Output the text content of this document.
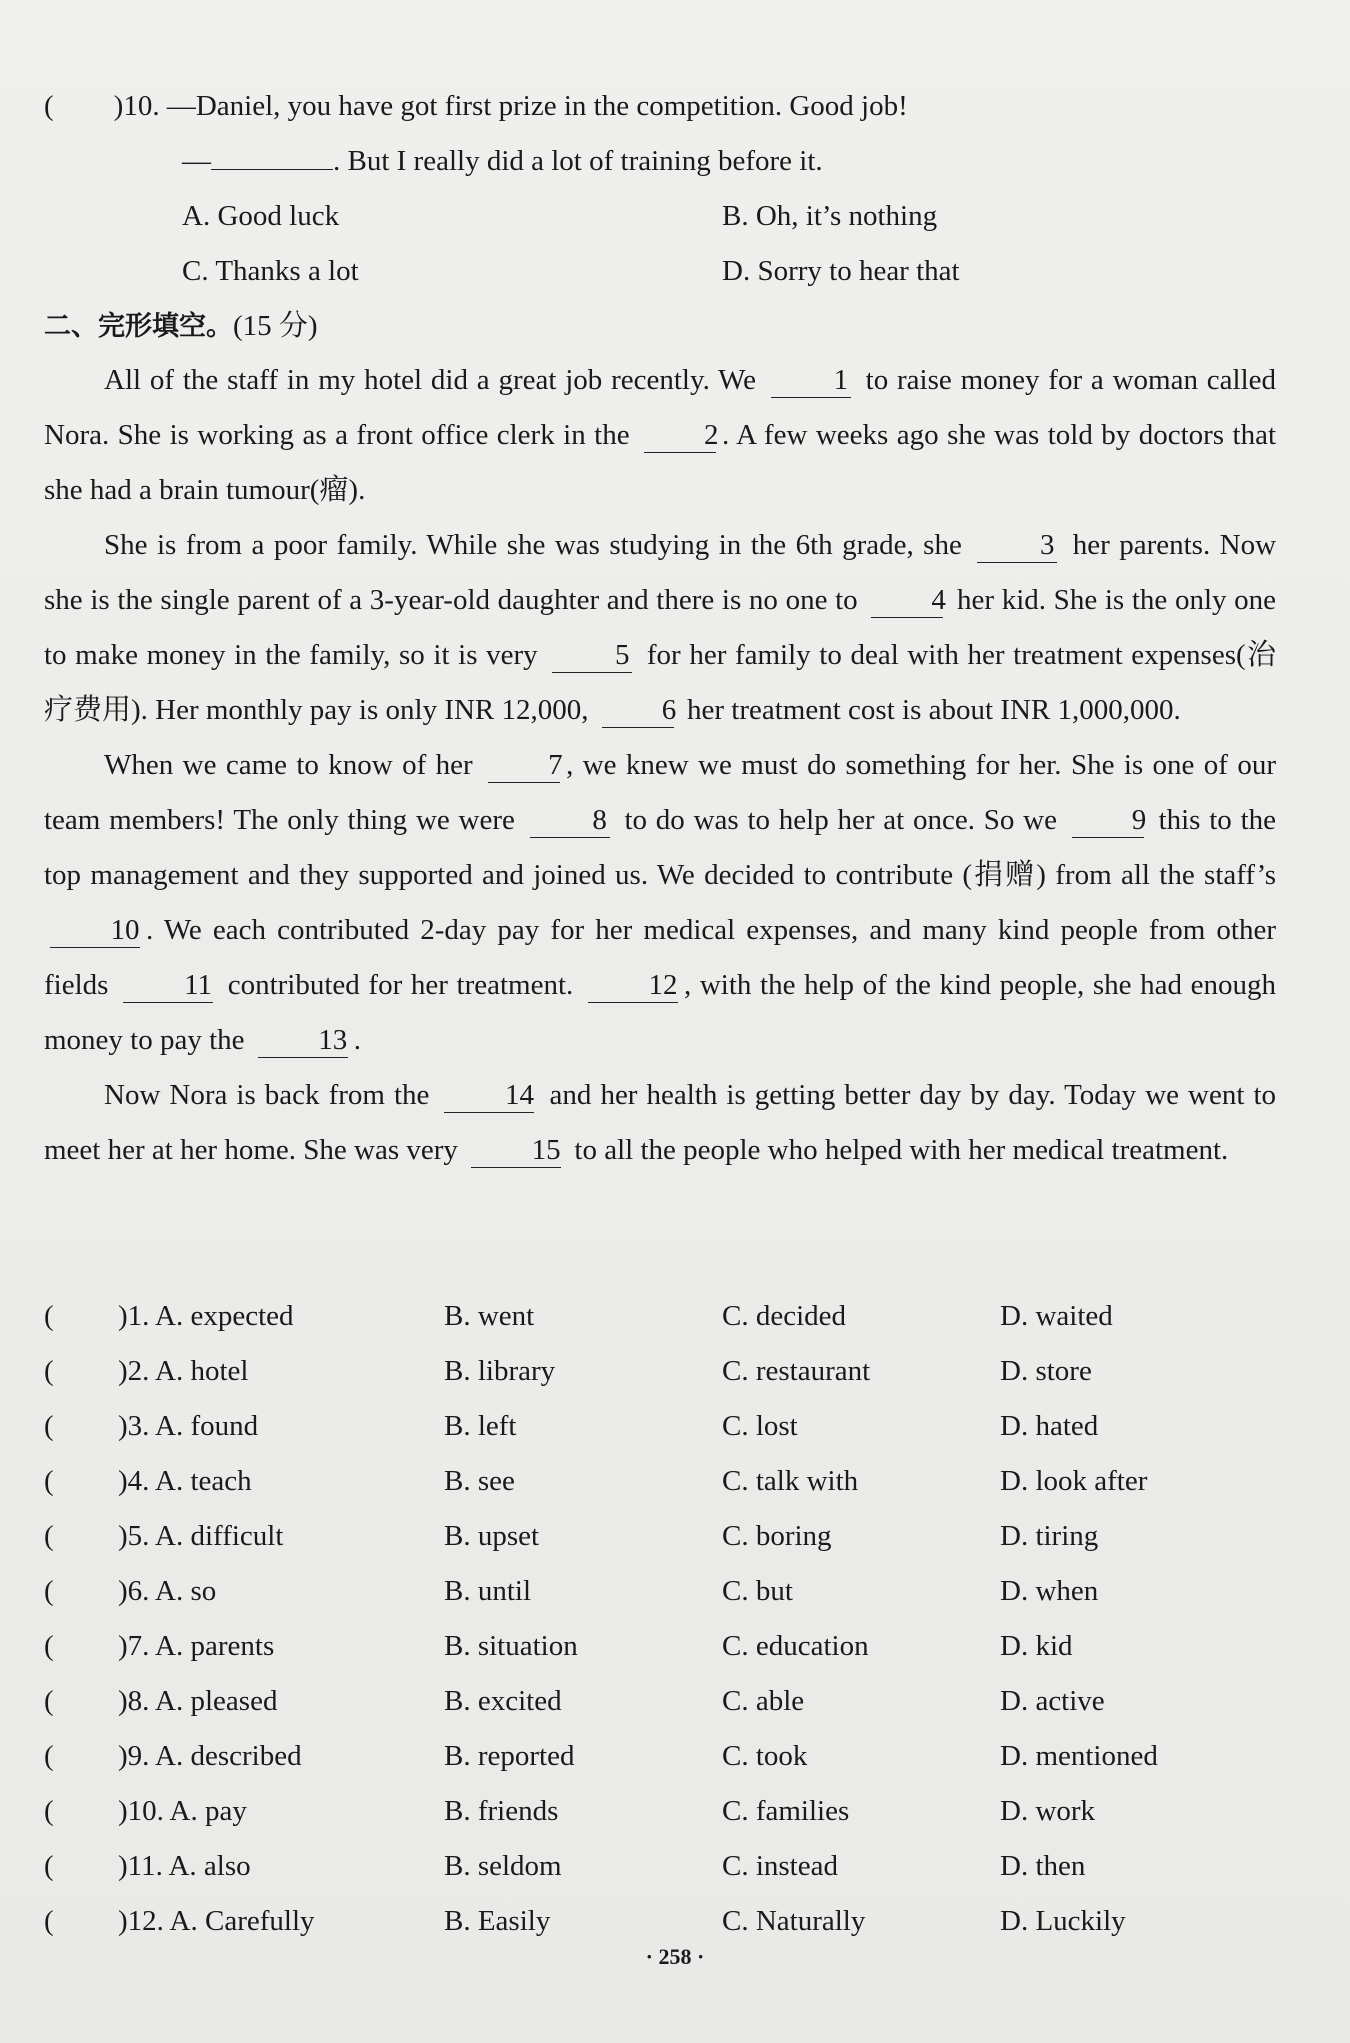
( )10. —Daniel, you have got first prize in the competition. Good job!
—	. But I really did a lot of training before it.
A. Good luck	B. Oh, it’s nothing
C. Thanks a lot	D. Sorry to hear that
二、完形填空。(15 分)

All of the staff in my hotel did a great job recently. We	1 to raise money for a woman called Nora. She is working as a front office clerk in the	2 . A few weeks ago she was told by doctors that she had a brain tumour(瘤).

She is from a poor family. While she was studying in the 6th grade, she	3 her parents. Now she is the single parent of a 3-year-old daughter and there is no one to	4 her kid. She is the only one to make money in the family, so it is very	5 for her family to deal with her treatment expenses(治疗费用). Her monthly pay is only INR 12,000,	6 her treatment cost is about INR 1,000,000.

When we came to know of her	7 , we knew we must do something for her. She is one of our team members! The only thing we were	8 to do was to help her at once. So we	9 this to the top management and they supported and joined us. We decided to contribute (捐赠) from all the staff’s 10 . We each contributed 2-day pay for her medical expenses, and many kind people from other fields	11 contributed for her treatment.	12 , with the help of the kind people, she had enough money to pay the	13 .

Now Nora is back from the	14 and her health is getting better day by day. Today we went to meet her at her home. She was very	15 to all the people who helped with her medical treatment.

( )1. A. expected	B. went	C. decided	D. waited
( )2. A. hotel	B. library	C. restaurant	D. store
( )3. A. found	B. left	C. lost	D. hated
( )4. A. teach	B. see	C. talk with	D. look after
( )5. A. difficult	B. upset	C. boring	D. tiring
( )6. A. so	B. until	C. but	D. when
( )7. A. parents	B. situation	C. education	D. kid
( )8. A. pleased	B. excited	C. able	D. active
( )9. A. described	B. reported	C. took	D. mentioned
( )10. A. pay	B. friends	C. families	D. work
( )11. A. also	B. seldom	C. instead	D. then
( )12. A. Carefully	B. Easily	C. Naturally	D. Luckily
· 258 ·
